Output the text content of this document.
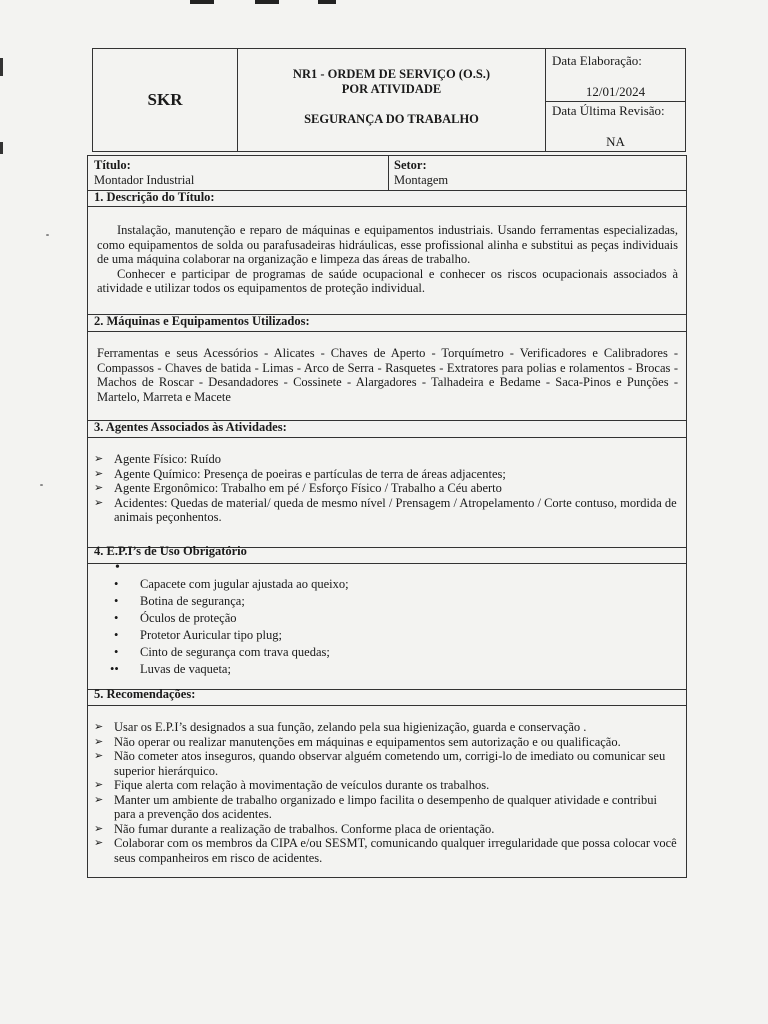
SKR
NR1 - ORDEM DE SERVIÇO (O.S.)
POR ATIVIDADE
SEGURANÇA DO TRABALHO
Data Elaboração:
12/01/2024
Data Última Revisão:
NA
Título:
Montador Industrial
Setor:
Montagem
1. Descrição do Título:

Instalação, manutenção e reparo de máquinas e equipamentos industriais. Usando ferramentas especializadas, como equipamentos de solda ou parafusadeiras hidráulicas, esse profissional alinha e substitui as peças individuais de uma máquina colaborar na organização e limpeza das áreas de trabalho.

Conhecer e participar de programas de saúde ocupacional e conhecer os riscos ocupacionais associados à atividade e utilizar todos os equipamentos de proteção individual.

2. Máquinas e Equipamentos Utilizados:

Ferramentas e seus Acessórios - Alicates - Chaves de Aperto - Torquímetro - Verificadores e Calibradores - Compassos - Chaves de batida - Limas - Arco de Serra - Rasquetes - Extratores para polias e rolamentos - Brocas - Machos de Roscar - Desandadores - Cossinete - Alargadores - Talhadeira e Bedame - Saca-Pinos e Punções - Martelo, Marreta e Macete

3. Agentes Associados às Atividades:
➢ Agente Físico: Ruído
➢ Agente Químico: Presença de poeiras e partículas de terra de áreas adjacentes;
➢ Agente Ergonômico: Trabalho em pé / Esforço Físico / Trabalho a Céu aberto
➢ Acidentes: Quedas de material/ queda de mesmo nível / Prensagem / Atropelamento / Corte contuso, mordida de animais peçonhentos.
4. E.P.I’s de Uso Obrigatório
•
• Capacete com jugular ajustada ao queixo;
• Botina de segurança;
• Óculos de proteção
• Protetor Auricular tipo plug;
• Cinto de segurança com trava quedas;
•• Luvas de vaqueta;
5. Recomendações:
➢ Usar os E.P.I’s designados a sua função, zelando pela sua higienização, guarda e conservação .
➢ Não operar ou realizar manutenções em máquinas e equipamentos sem autorização e ou qualificação.
➢ Não cometer atos inseguros, quando observar alguém cometendo um, corrigi-lo de imediato ou comunicar seu superior hierárquico.
➢ Fique alerta com relação à movimentação de veículos durante os trabalhos.
➢ Manter um ambiente de trabalho organizado e limpo facilita o desempenho de qualquer atividade e contribui para a prevenção dos acidentes.
➢ Não fumar durante a realização de trabalhos. Conforme placa de orientação.
➢ Colaborar com os membros da CIPA e/ou SESMT, comunicando qualquer irregularidade que possa colocar você seus companheiros em risco de acidentes.
